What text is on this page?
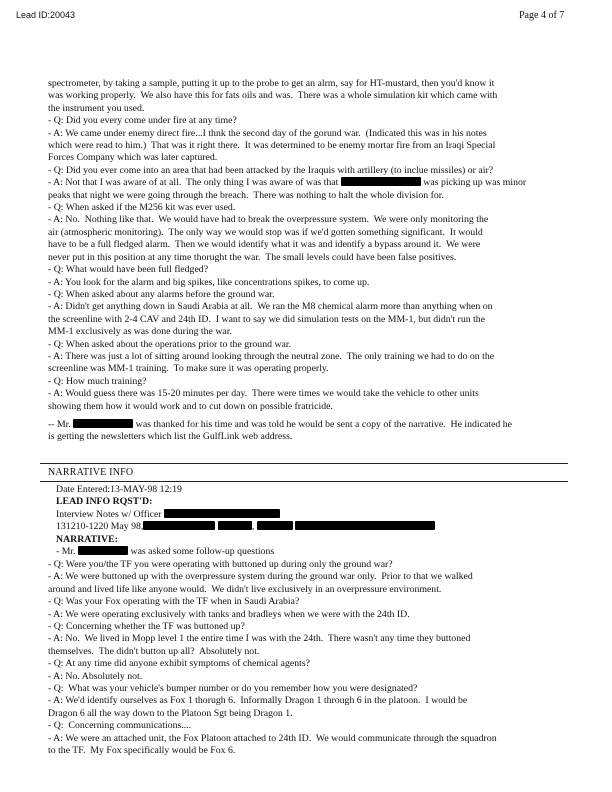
Lead ID:20043	Page 4 of 7

spectrometer, by taking a sample, putting it up to the probe to get an alrm, say for HT-mustard, then you'd know it

was working properly.  We also have this for fats oils and was.  There was a whole simulation kit which came with

the instrument you used.

- Q: Did you every come under fire at any time?

- A: We came under enemy direct fire...I thnk the second day of the gorund war.  (Indicated this was in his notes

which were read to him.)  That was it right there.  It was determined to be enemy mortar fire from an Iraqi Special

Forces Company which was later captured.

- Q: Did you ever come into an area that had been attacked by the Iraquis with artillery (to inclue missiles) or air?

- A: Not that I was aware of at all.  The only thing I was aware of was that	was picking up was minor

peaks that night we were going through the breach.  There was nothing to halt the whole division for.

- Q: When asked if the M256 kit was ever used.

- A: No.  Nothing like that.  We would have had to break the overpressure system.  We were only monitoring the

air (atmospheric monitoring).  The only way we would stop was if we'd gotten something significant.  It would

have to be a full fledged alarm.  Then we would identify what it was and identify a bypass around it.  We were

never put in this position at any time thorught the war.  The small levels could have been false positives.

- Q: What would have been full fledged?

- A: You look for the alarm and big spikes, like concentrations spikes, to come up.

- Q: When asked about any alarms before the ground war.

- A: Didn't get anything down in Saudi Arabia at all.  We ran the M8 chemical alarm more than anything when on

the screenline with 2-4 CAV and 24th ID.  I want to say we did simulation tests on the MM-1, but didn't run the

MM-1 exclusively as was done during the war.

- Q: When asked about the operations prior to the ground war.

- A: There was just a lot of sitting around looking through the neutral zone.  The only training we had to do on the

screenline was MM-1 training.  To make sure it was operating properly.

- Q: How much training?

- A: Would guess there was 15-20 minutes per day.  There were times we would take the vehicle to other units

showing them how it would work and to cut down on possible fratricide.

-- Mr.	was thanked for his time and was told he would be sent a copy of the narrative.  He indicated he

is getting the newsletters which list the GulfLink web address.

NARRATIVE INFO

Date Entered:13-MAY-98 12:19

LEAD INFO RQST'D:

Interview Notes w/ Officer

131210-1220 May 98,	,

NARRATIVE:

- Mr.	was asked some follow-up questions

- Q: Were you/the TF you were operating with buttoned up during only the ground war?

- A: We were buttoned up with the overpressure system during the ground war only.  Prior to that we walked

around and lived life like anyone would.  We didn't live exclusively in an overpressure environment.

- Q: Was your Fox operating with the TF when in Saudi Arabia?

- A: We were operating exclusively with tanks and bradleys when we were with the 24th ID.

- Q: Concerning whether the TF was buttoned up?

- A: No.  We lived in Mopp level 1 the entire time I was with the 24th.  There wasn't any time they buttoned

themselves.  The didn't button up all?  Absolutely not.

- Q: At any time did anyone exhibit symptoms of chemical agents?

- A: No. Absolutely not.

- Q:  What was your vehicle's bumper number or do you remember how you were designated?

- A: We'd identify ourselves as Fox 1 thorugh 6.  Informally Dragon 1 through 6 in the platoon.  I would be

Dragon 6 all the way down to the Platoon Sgt being Dragon 1.

- Q:  Concerning communications....

- A: We were an attached unit, the Fox Platoon attached to 24th ID.  We would communicate through the squadron

to the TF.  My Fox specifically would be Fox 6.
